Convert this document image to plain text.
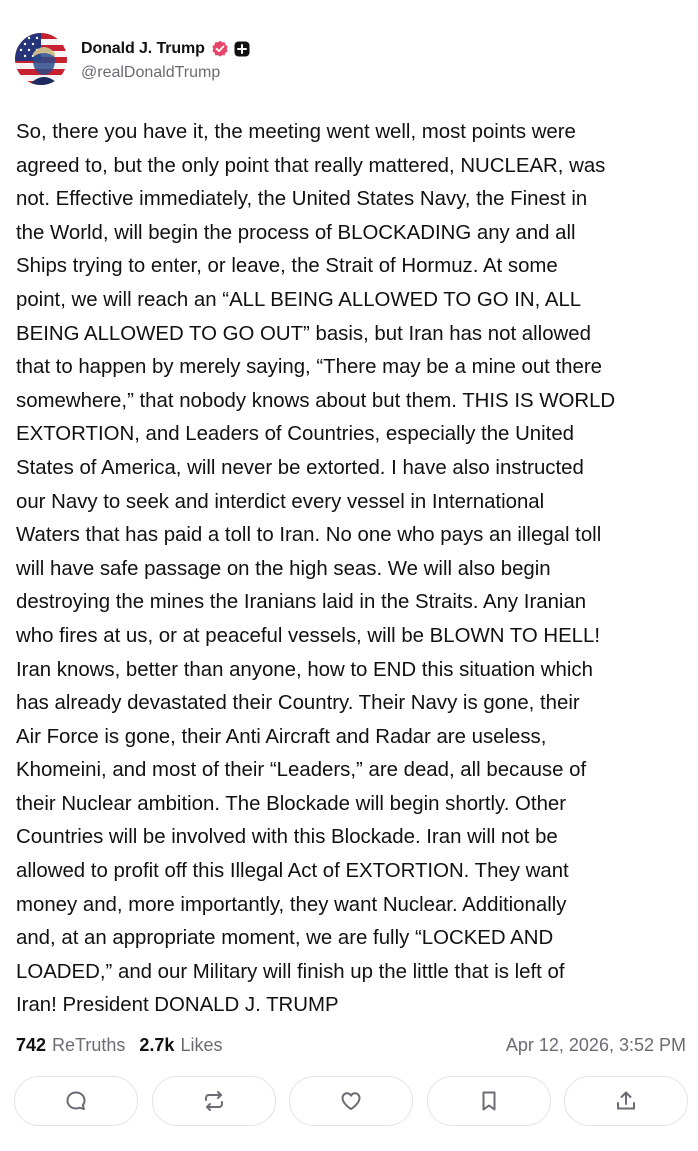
Donald J. Trump
@realDonaldTrump
So, there you have it, the meeting went well, most points were
agreed to, but the only point that really mattered, NUCLEAR, was
not. Effective immediately, the United States Navy, the Finest in
the World, will begin the process of BLOCKADING any and all
Ships trying to enter, or leave, the Strait of Hormuz. At some
point, we will reach an “ALL BEING ALLOWED TO GO IN, ALL
BEING ALLOWED TO GO OUT” basis, but Iran has not allowed
that to happen by merely saying, “There may be a mine out there
somewhere,” that nobody knows about but them. THIS IS WORLD
EXTORTION, and Leaders of Countries, especially the United
States of America, will never be extorted. I have also instructed
our Navy to seek and interdict every vessel in International
Waters that has paid a toll to Iran. No one who pays an illegal toll
will have safe passage on the high seas. We will also begin
destroying the mines the Iranians laid in the Straits. Any Iranian
who fires at us, or at peaceful vessels, will be BLOWN TO HELL!
Iran knows, better than anyone, how to END this situation which
has already devastated their Country. Their Navy is gone, their
Air Force is gone, their Anti Aircraft and Radar are useless,
Khomeini, and most of their “Leaders,” are dead, all because of
their Nuclear ambition. The Blockade will begin shortly. Other
Countries will be involved with this Blockade. Iran will not be
allowed to profit off this Illegal Act of EXTORTION. They want
money and, more importantly, they want Nuclear. Additionally
and, at an appropriate moment, we are fully “LOCKED AND
LOADED,” and our Military will finish up the little that is left of
Iran! President DONALD J. TRUMP
742 ReTruths 2.7k Likes	Apr 12, 2026, 3:52 PM
